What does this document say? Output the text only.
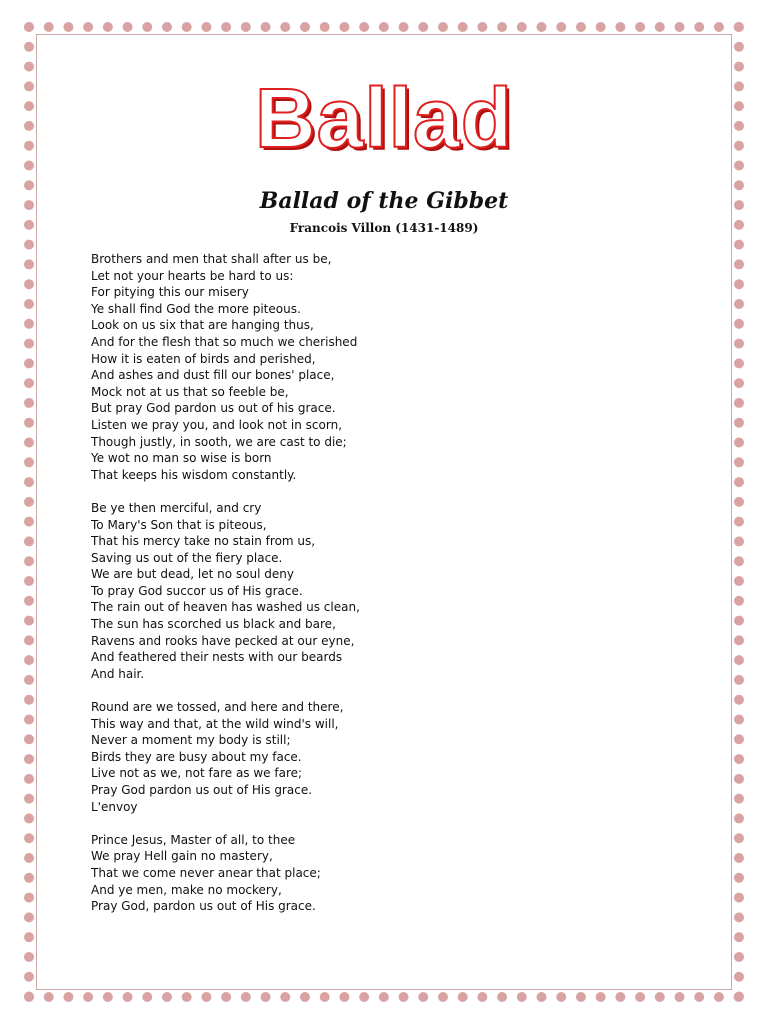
Ballad
Ballad of the Gibbet
Francois Villon (1431-1489)
Brothers and men that shall after us be,
Let not your hearts be hard to us:
For pitying this our misery
Ye shall find God the more piteous.
Look on us six that are hanging thus,
And for the flesh that so much we cherished
How it is eaten of birds and perished,
And ashes and dust fill our bones' place,
Mock not at us that so feeble be,
But pray God pardon us out of his grace.
Listen we pray you, and look not in scorn,
Though justly, in sooth, we are cast to die;
Ye wot no man so wise is born
That keeps his wisdom constantly.
Be ye then merciful, and cry
To Mary's Son that is piteous,
That his mercy take no stain from us,
Saving us out of the fiery place.
We are but dead, let no soul deny
To pray God succor us of His grace.
The rain out of heaven has washed us clean,
The sun has scorched us black and bare,
Ravens and rooks have pecked at our eyne,
And feathered their nests with our beards
And hair.
Round are we tossed, and here and there,
This way and that, at the wild wind's will,
Never a moment my body is still;
Birds they are busy about my face.
Live not as we, not fare as we fare;
Pray God pardon us out of His grace.
L'envoy
Prince Jesus, Master of all, to thee
We pray Hell gain no mastery,
That we come never anear that place;
And ye men, make no mockery,
Pray God, pardon us out of His grace.
